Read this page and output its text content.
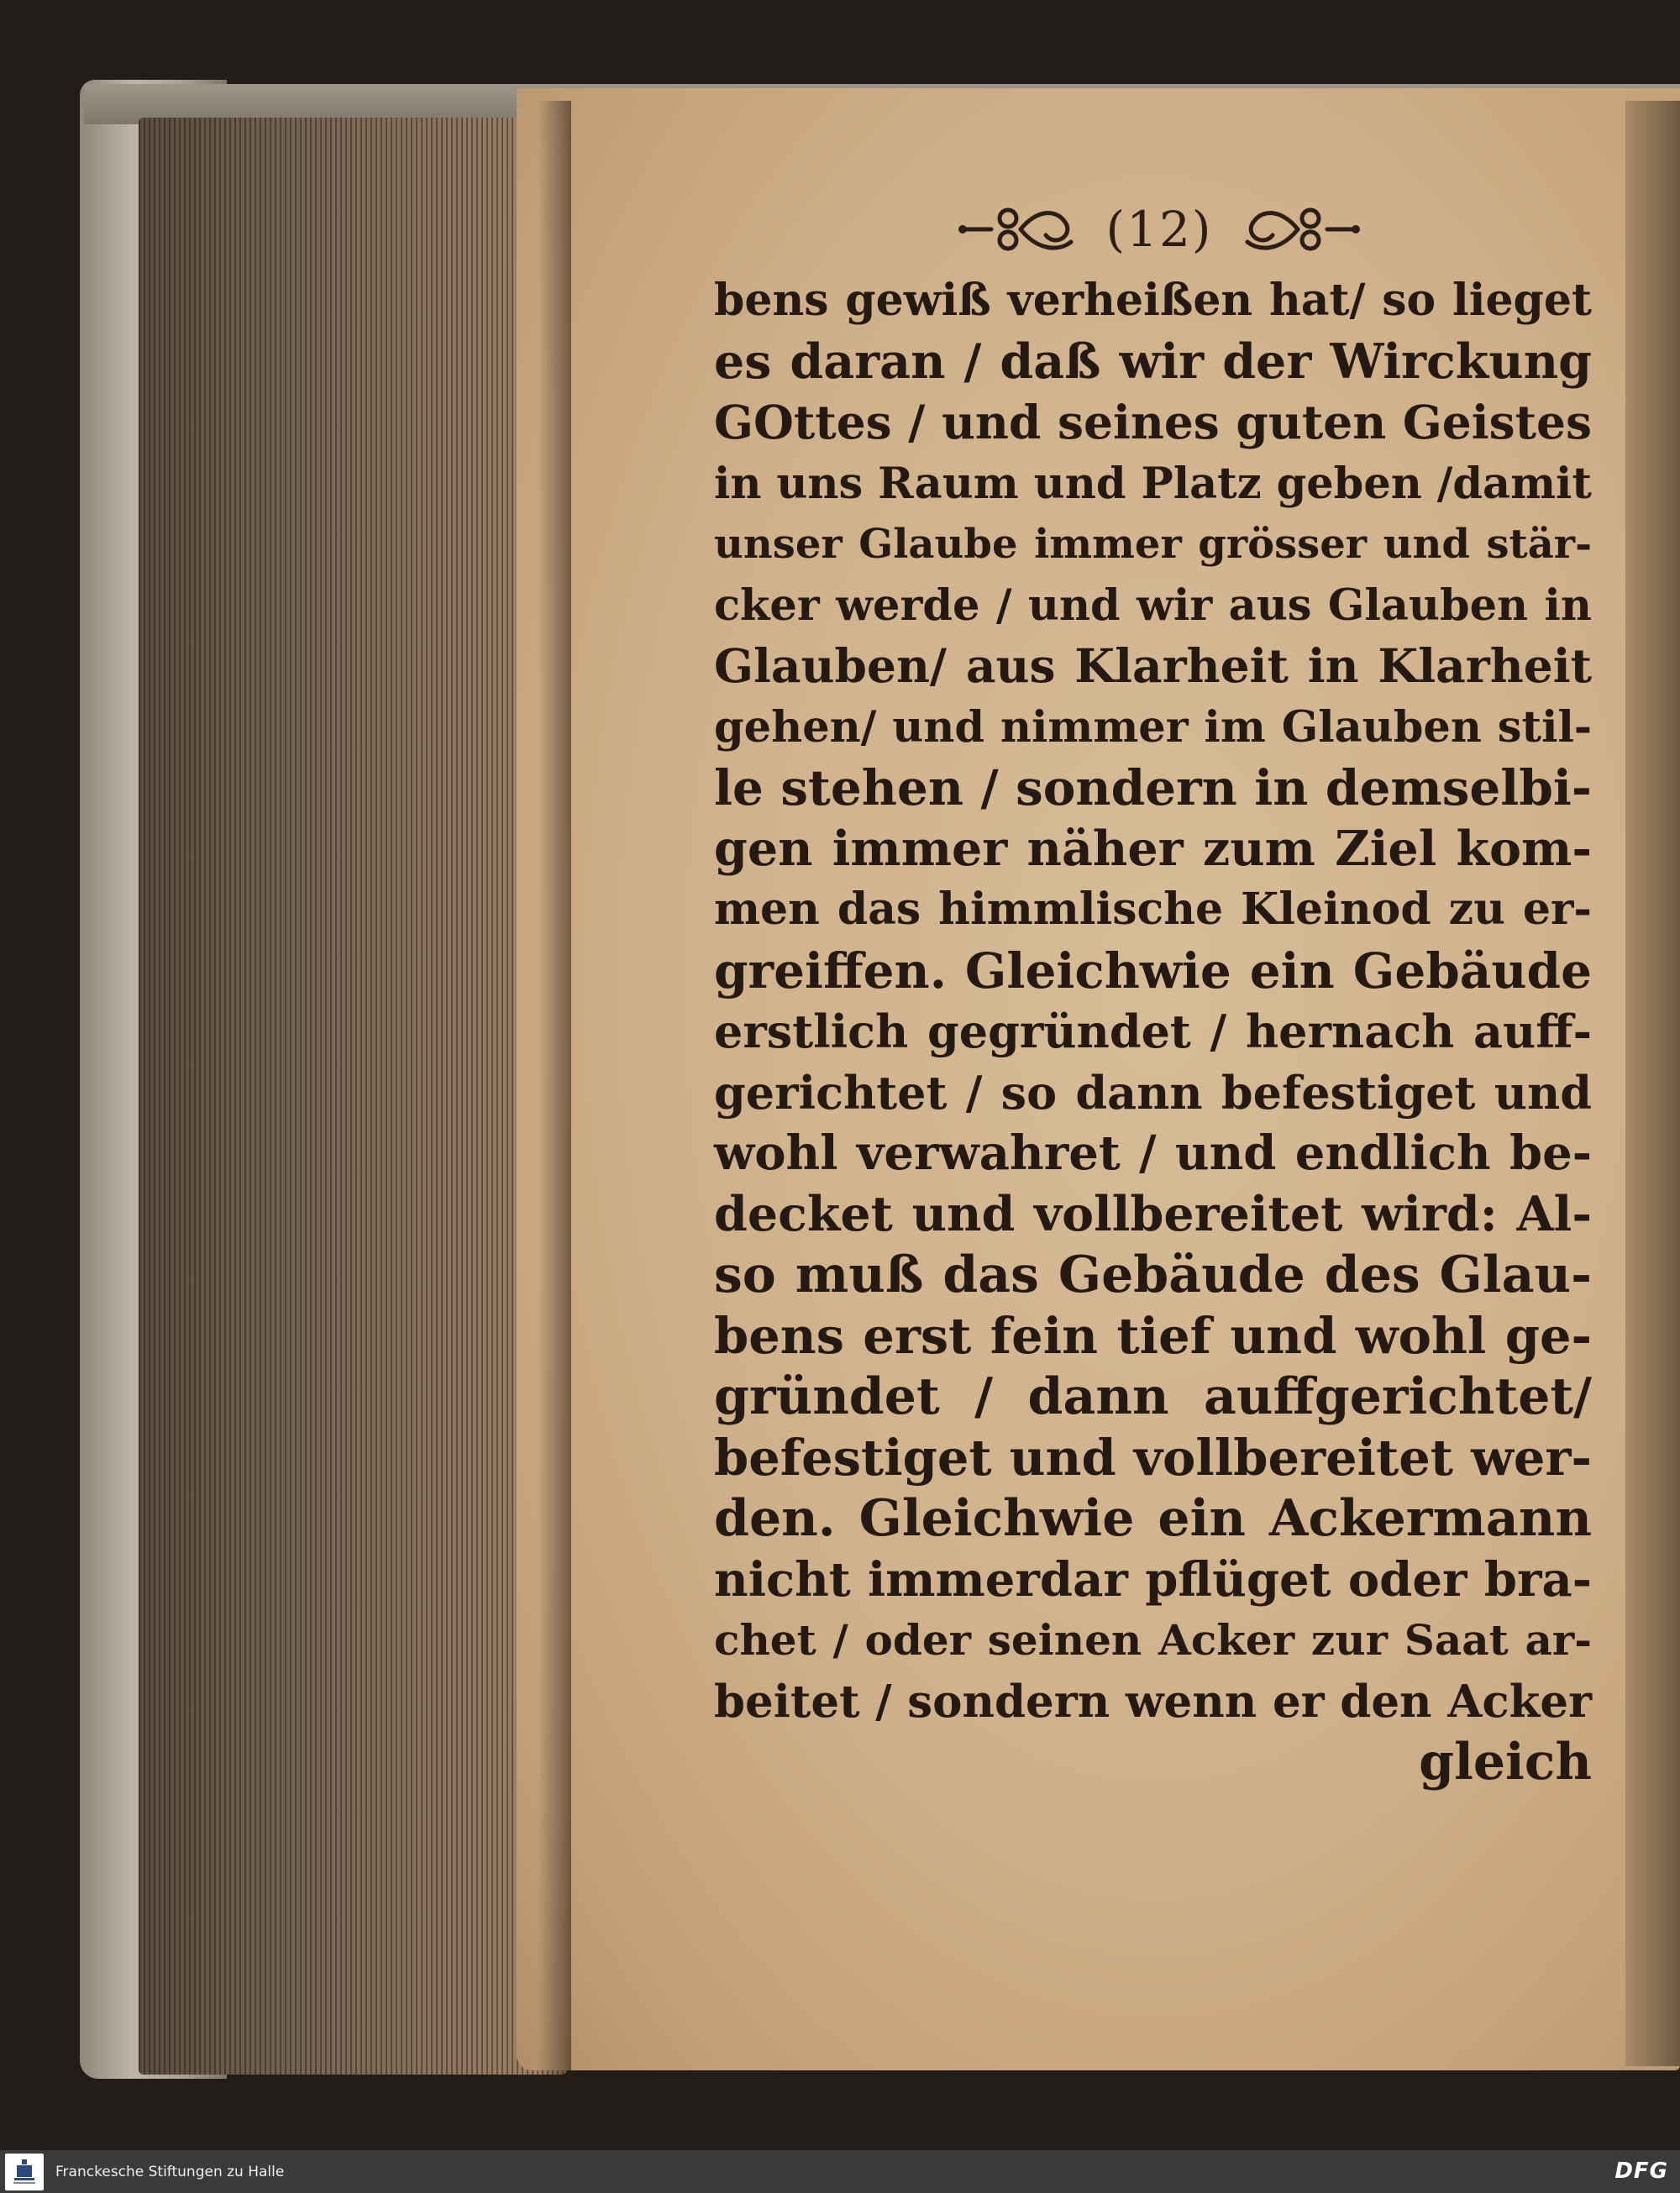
(12)
bens gewiß verheißen hat/ so lieget
es daran / daß wir der Wirckung
GOttes / und seines guten Geistes
in uns Raum und Platz geben /damit
unser Glaube immer grösser und stär-
cker werde / und wir aus Glauben in
Glauben/ aus Klarheit in Klarheit
gehen/ und nimmer im Glauben stil-
le stehen / sondern in demselbi-
gen immer näher zum Ziel kom-
men das himmlische Kleinod zu er-
greiffen. Gleichwie ein Gebäude
erstlich gegründet / hernach auff-
gerichtet / so dann befestiget und
wohl verwahret / und endlich be-
decket und vollbereitet wird: Al-
so muß das Gebäude des Glau-
bens erst fein tief und wohl ge-
gründet / dann auffgerichtet/
befestiget und vollbereitet wer-
den. Gleichwie ein Ackermann
nicht immerdar pflüget oder bra-
chet / oder seinen Acker zur Saat ar-
beitet / sondern wenn er den Acker
gleich
Franckesche Stiftungen zu Halle	DFG
